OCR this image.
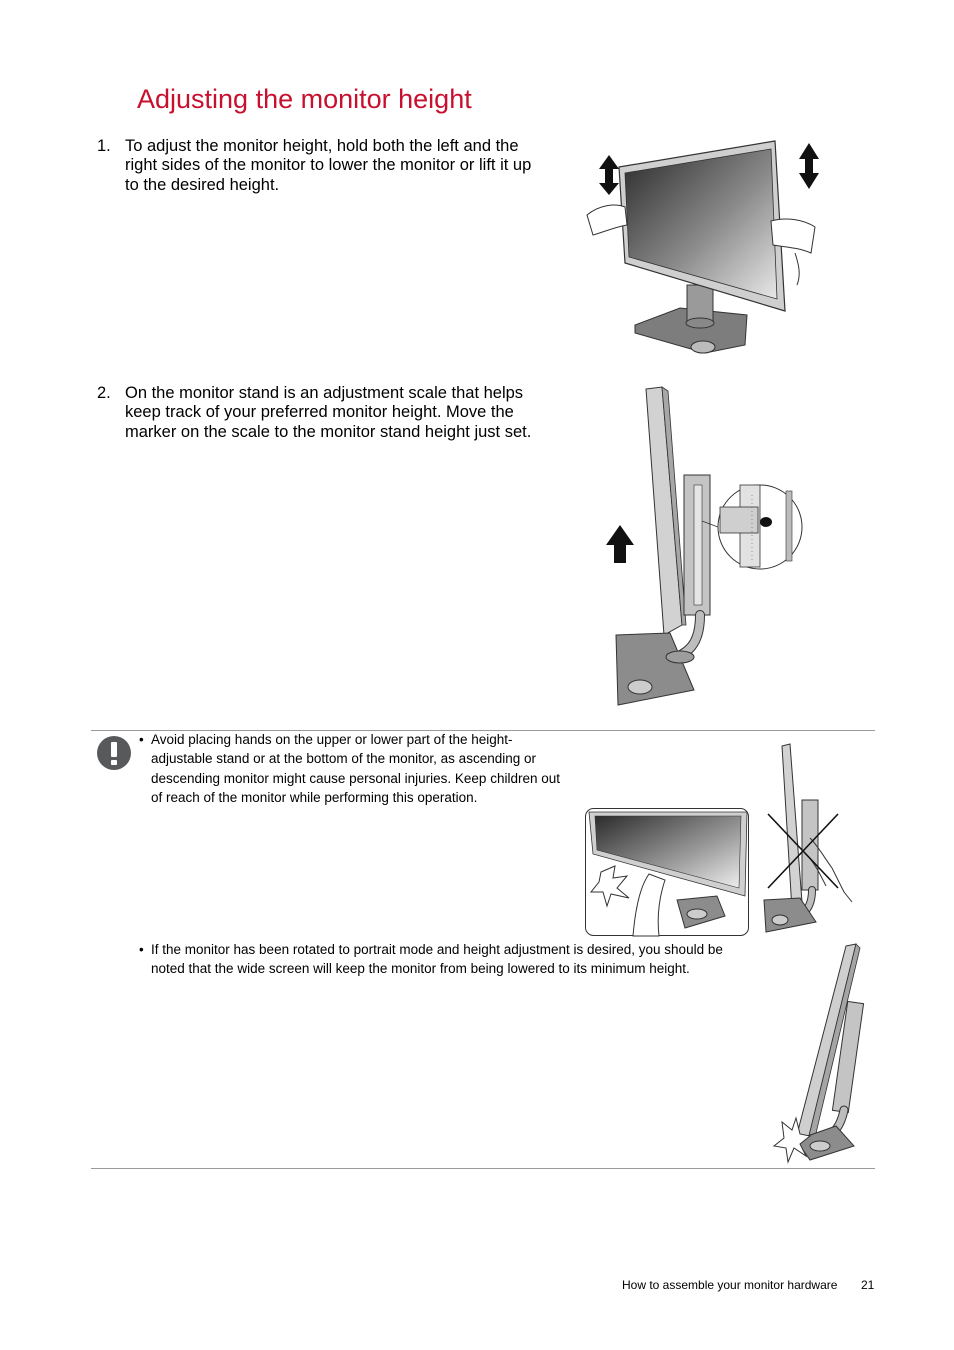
Adjusting the monitor height
1. To adjust the monitor height, hold both the left and the right sides of the monitor to lower the monitor or lift it up to the desired height.
2. On the monitor stand is an adjustment scale that helps keep track of your preferred monitor height. Move the marker on the scale to the monitor stand height just set.
• Avoid placing hands on the upper or lower part of the height-adjustable stand or at the bottom of the monitor, as ascending or descending monitor might cause personal injuries. Keep children out of reach of the monitor while performing this operation.
• If the monitor has been rotated to portrait mode and height adjustment is desired, you should be noted that the wide screen will keep the monitor from being lowered to its minimum height.
How to assemble your monitor hardware 21
